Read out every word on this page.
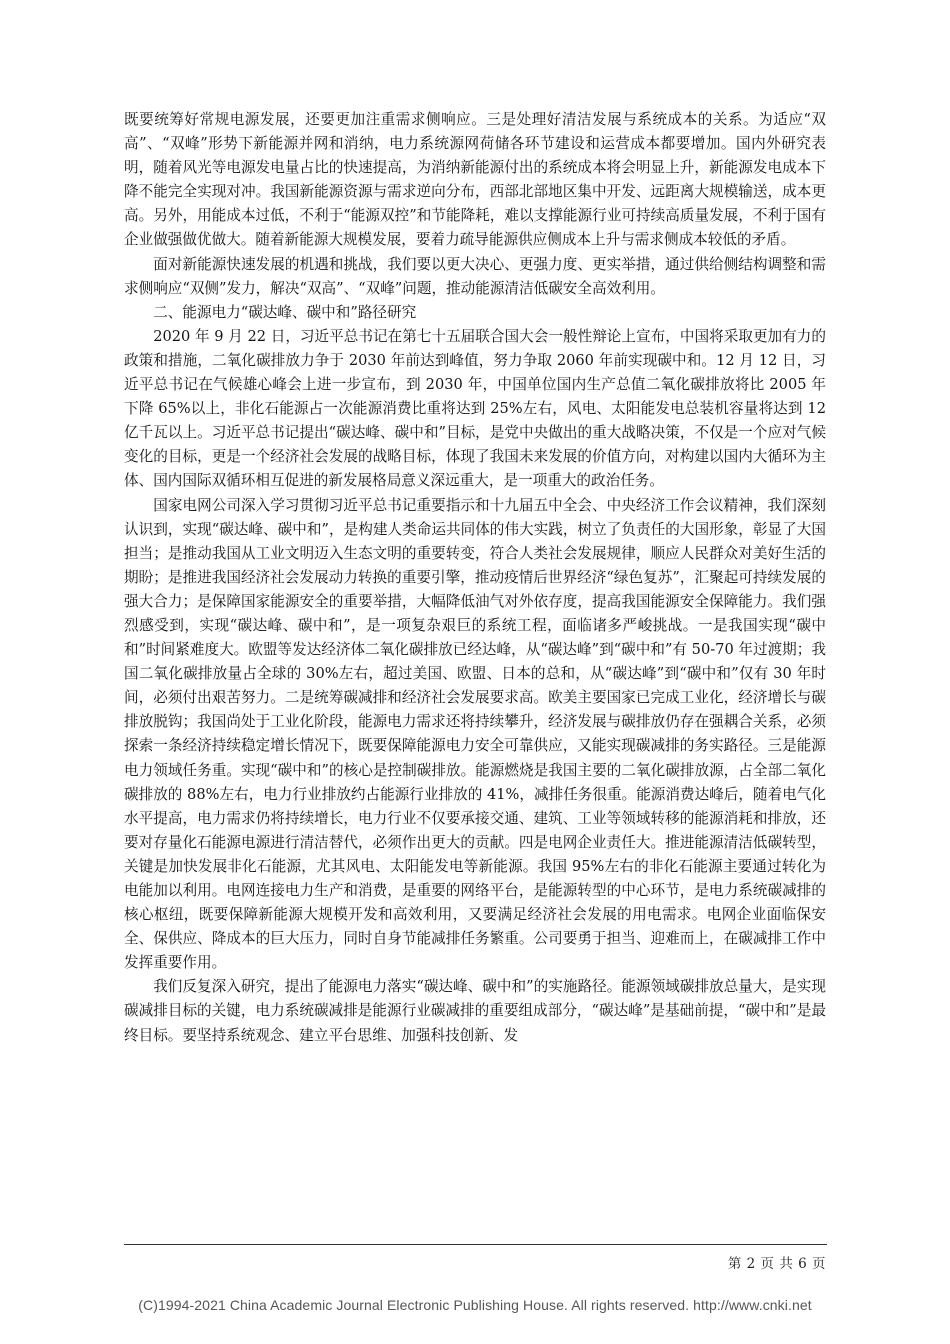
既要统筹好常规电源发展，还要更加注重需求侧响应。三是处理好清洁发展与系统成本的关系。为适应“双高”、“双峰”形势下新能源并网和消纳，电力系统源网荷储各环节建设和运营成本都要增加。国内外研究表明，随着风光等电源发电量占比的快速提高，为消纳新能源付出的系统成本将会明显上升，新能源发电成本下降不能完全实现对冲。我国新能源资源与需求逆向分布，西部北部地区集中开发、远距离大规模输送，成本更高。另外，用能成本过低，不利于“能源双控”和节能降耗，难以支撑能源行业可持续高质量发展，不利于国有企业做强做优做大。随着新能源大规模发展，要着力疏导能源供应侧成本上升与需求侧成本较低的矛盾。

面对新能源快速发展的机遇和挑战，我们要以更大决心、更强力度、更实举措，通过供给侧结构调整和需求侧响应“双侧”发力，解决“双高”、“双峰”问题，推动能源清洁低碳安全高效利用。

二、能源电力“碳达峰、碳中和”路径研究

2020 年 9 月 22 日，习近平总书记在第七十五届联合国大会一般性辩论上宣布，中国将采取更加有力的政策和措施，二氧化碳排放力争于 2030 年前达到峰值，努力争取 2060 年前实现碳中和。12 月 12 日，习近平总书记在气候雄心峰会上进一步宣布，到 2030 年，中国单位国内生产总值二氧化碳排放将比 2005 年下降 65%以上，非化石能源占一次能源消费比重将达到 25%左右，风电、太阳能发电总装机容量将达到 12 亿千瓦以上。习近平总书记提出“碳达峰、碳中和”目标，是党中央做出的重大战略决策，不仅是一个应对气候变化的目标，更是一个经济社会发展的战略目标，体现了我国未来发展的价值方向，对构建以国内大循环为主体、国内国际双循环相互促进的新发展格局意义深远重大，是一项重大的政治任务。

国家电网公司深入学习贯彻习近平总书记重要指示和十九届五中全会、中央经济工作会议精神，我们深刻认识到，实现“碳达峰、碳中和”，是构建人类命运共同体的伟大实践，树立了负责任的大国形象，彰显了大国担当；是推动我国从工业文明迈入生态文明的重要转变，符合人类社会发展规律，顺应人民群众对美好生活的期盼；是推进我国经济社会发展动力转换的重要引擎，推动疫情后世界经济“绿色复苏”，汇聚起可持续发展的强大合力；是保障国家能源安全的重要举措，大幅降低油气对外依存度，提高我国能源安全保障能力。我们强烈感受到，实现“碳达峰、碳中和”，是一项复杂艰巨的系统工程，面临诸多严峻挑战。一是我国实现“碳中和”时间紧难度大。欧盟等发达经济体二氧化碳排放已经达峰，从“碳达峰”到“碳中和”有 50-70 年过渡期；我国二氧化碳排放量占全球的 30%左右，超过美国、欧盟、日本的总和，从“碳达峰”到“碳中和”仅有 30 年时间，必须付出艰苦努力。二是统筹碳减排和经济社会发展要求高。欧美主要国家已完成工业化，经济增长与碳排放脱钩；我国尚处于工业化阶段，能源电力需求还将持续攀升，经济发展与碳排放仍存在强耦合关系，必须探索一条经济持续稳定增长情况下，既要保障能源电力安全可靠供应，又能实现碳减排的务实路径。三是能源电力领域任务重。实现“碳中和”的核心是控制碳排放。能源燃烧是我国主要的二氧化碳排放源，占全部二氧化碳排放的 88%左右，电力行业排放约占能源行业排放的 41%，减排任务很重。能源消费达峰后，随着电气化水平提高，电力需求仍将持续增长，电力行业不仅要承接交通、建筑、工业等领域转移的能源消耗和排放，还要对存量化石能源电源进行清洁替代，必须作出更大的贡献。四是电网企业责任大。推进能源清洁低碳转型，关键是加快发展非化石能源，尤其风电、太阳能发电等新能源。我国 95%左右的非化石能源主要通过转化为电能加以利用。电网连接电力生产和消费，是重要的网络平台，是能源转型的中心环节，是电力系统碳减排的核心枢纽，既要保障新能源大规模开发和高效利用，又要满足经济社会发展的用电需求。电网企业面临保安全、保供应、降成本的巨大压力，同时自身节能减排任务繁重。公司要勇于担当、迎难而上，在碳减排工作中发挥重要作用。

我们反复深入研究，提出了能源电力落实“碳达峰、碳中和”的实施路径。能源领域碳排放总量大，是实现碳减排目标的关键，电力系统碳减排是能源行业碳减排的重要组成部分，“碳达峰”是基础前提，“碳中和”是最终目标。要坚持系统观念、建立平台思维、加强科技创新、发

第 2 页 共 6 页
(C)1994-2021 China Academic Journal Electronic Publishing House. All rights reserved. http://www.cnki.net
